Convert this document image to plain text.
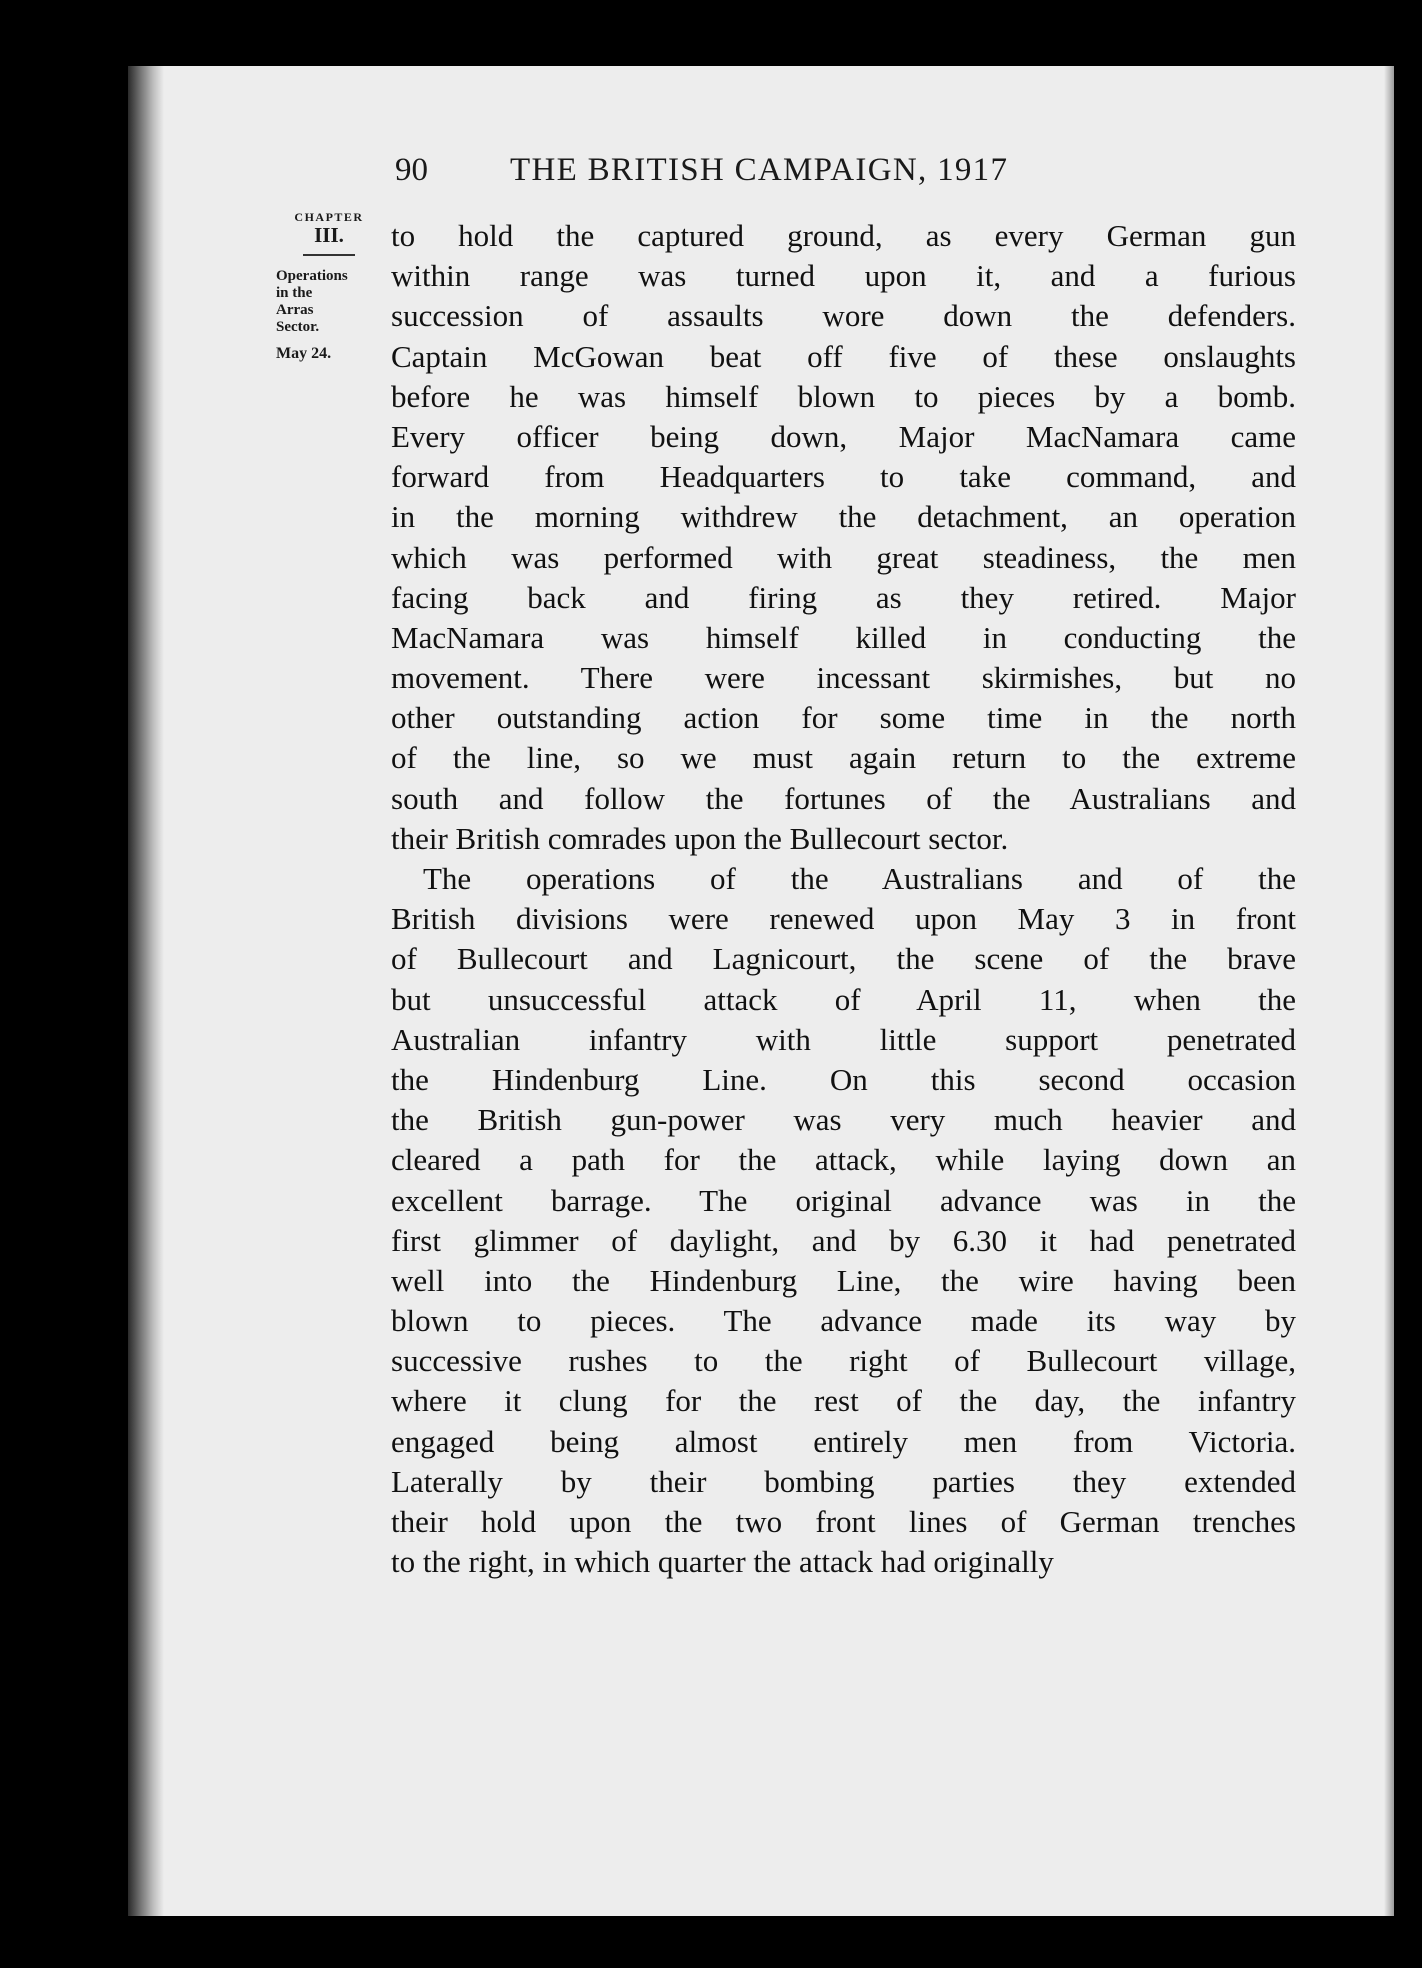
90 THE BRITISH CAMPAIGN, 1917
CHAPTER
III.
Operations
in the
Arras
Sector.
May 24.
to hold the captured ground, as every German gun
within range was turned upon it, and a furious
succession of assaults wore down the defenders.
Captain McGowan beat off five of these onslaughts
before he was himself blown to pieces by a bomb.
Every officer being down, Major MacNamara came
forward from Headquarters to take command, and
in the morning withdrew the detachment, an operation
which was performed with great steadiness, the men
facing back and firing as they retired. Major
MacNamara was himself killed in conducting the
movement. There were incessant skirmishes, but no
other outstanding action for some time in the north
of the line, so we must again return to the extreme
south and follow the fortunes of the Australians and
their British comrades upon the Bullecourt sector.
The operations of the Australians and of the
British divisions were renewed upon May 3 in front
of Bullecourt and Lagnicourt, the scene of the brave
but unsuccessful attack of April 11, when the
Australian infantry with little support penetrated
the Hindenburg Line. On this second occasion
the British gun-power was very much heavier and
cleared a path for the attack, while laying down an
excellent barrage. The original advance was in the
first glimmer of daylight, and by 6.30 it had penetrated
well into the Hindenburg Line, the wire having been
blown to pieces. The advance made its way by
successive rushes to the right of Bullecourt village,
where it clung for the rest of the day, the infantry
engaged being almost entirely men from Victoria.
Laterally by their bombing parties they extended
their hold upon the two front lines of German trenches
to the right, in which quarter the attack had originally
